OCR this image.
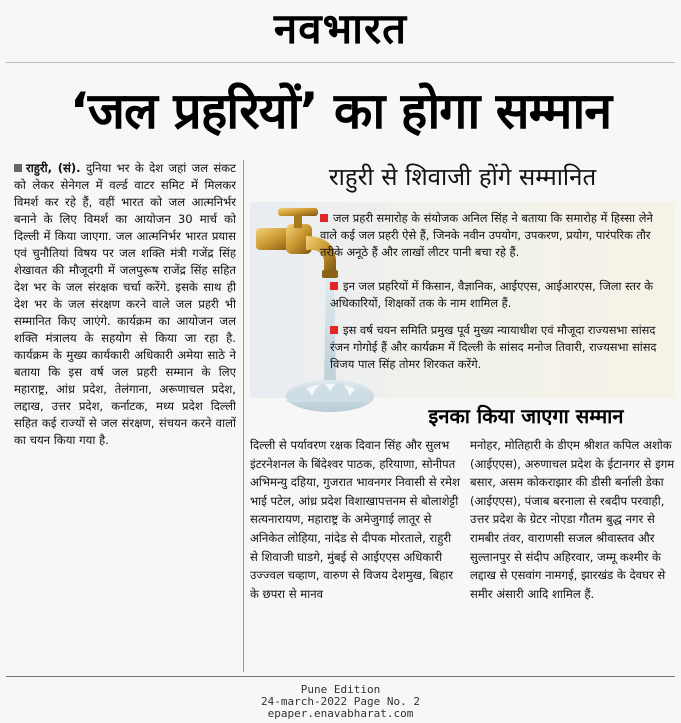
नवभारत
‘जल प्रहरियों’ का होगा सम्मान
राहुरी, (सं). दुनिया भर के देश जहां जल संकट को लेकर सेनेगल में वर्ल्ड वाटर समिट में मिलकर विमर्श कर रहे हैं, वहीं भारत को जल आत्मनिर्भर बनाने के लिए विमर्श का आयोजन 30 मार्च को दिल्ली में किया जाएगा. जल आत्मनिर्भर भारत प्रयास एवं चुनौतियां विषय पर जल शक्ति मंत्री गजेंद्र सिंह शेखावत की मौजूदगी में जलपुरूष राजेंद्र सिंह सहित देश भर के जल संरक्षक चर्चा करेंगे. इसके साथ ही देश भर के जल संरक्षण करने वाले जल प्रहरी भी सम्मानित किए जाएंगे. कार्यक्रम का आयोजन जल शक्ति मंत्रालय के सहयोग से किया जा रहा है. कार्यक्रम के मुख्य कार्यकारी अधिकारी अमेया साठे ने बताया कि इस वर्ष जल प्रहरी सम्मान के लिए महाराष्ट्र, आंध्र प्रदेश, तेलंगाना, अरूणाचल प्रदेश, लद्दाख, उत्तर प्रदेश, कर्नाटक, मध्य प्रदेश दिल्ली सहित कई राज्यों से जल संरक्षण, संचयन करने वालों का चयन किया गया है.
राहुरी से शिवाजी होंगे सम्मानित
जल प्रहरी समारोह के संयोजक अनिल सिंह ने बताया कि समारोह में हिस्सा लेने वाले कई जल प्रहरी ऐसे हैं, जिनके नवीन उपयोग, उपकरण, प्रयोग, पारंपरिक तौर तरीके अनूठे हैं और लाखों लीटर पानी बचा रहे हैं.
इन जल प्रहरियों में किसान, वैज्ञानिक, आईएएस, आईआरएस, जिला स्तर के अधिकारियों, शिक्षकों तक के नाम शामिल हैं.
इस वर्ष चयन समिति प्रमुख पूर्व मुख्य न्यायाधीश एवं मौजूदा राज्यसभा सांसद रंजन गोगोई हैं और कार्यक्रम में दिल्ली के सांसद मनोज तिवारी, राज्यसभा सांसद विजय पाल सिंह तोमर शिरकत करेंगे.
इनका किया जाएगा सम्मान
दिल्ली से पर्यावरण रक्षक दिवान सिंह और सुलभ इंटरनेशनल के बिंदेश्वर पाठक, हरियाणा, सोनीपत अभिमन्यु दहिया, गुजरात भावनगर निवासी से रमेश भाई पटेल, आंध्र प्रदेश विशाखापत्तनम से बोलाशेट्टी सत्यनारायण, महाराष्ट्र के अमेजुगाई लातूर से अनिकेत लोहिया, नांदेड से दीपक मोरताले, राहुरी से शिवाजी घाडगे, मुंबई से आईएएस अधिकारी उज्ज्वल चव्हाण, वारुण से विजय देशमुख, बिहार के छपरा से मानव
मनोहर, मोतिहारी के डीएम श्रीशत कपिल अशोक (आईएएस), अरुणाचल प्रदेश के ईटानगर से इगम बसार, असम कोकराझार की डीसी बर्नाली डेका (आईएएस), पंजाब बरनाला से रबदीप परवाही, उत्तर प्रदेश के ग्रेटर नोएडा गौतम बुद्ध नगर से रामबीर तंवर, वाराणसी सजल श्रीवास्तव और सुल्तानपुर से संदीप अहिरवार, जम्मू कश्मीर के लद्दाख से एसवांग नामगई, झारखंड के देवघर से समीर अंसारी आदि शामिल हैं.
Pune Edition
24-march-2022 Page No. 2
epaper.enavabharat.com
